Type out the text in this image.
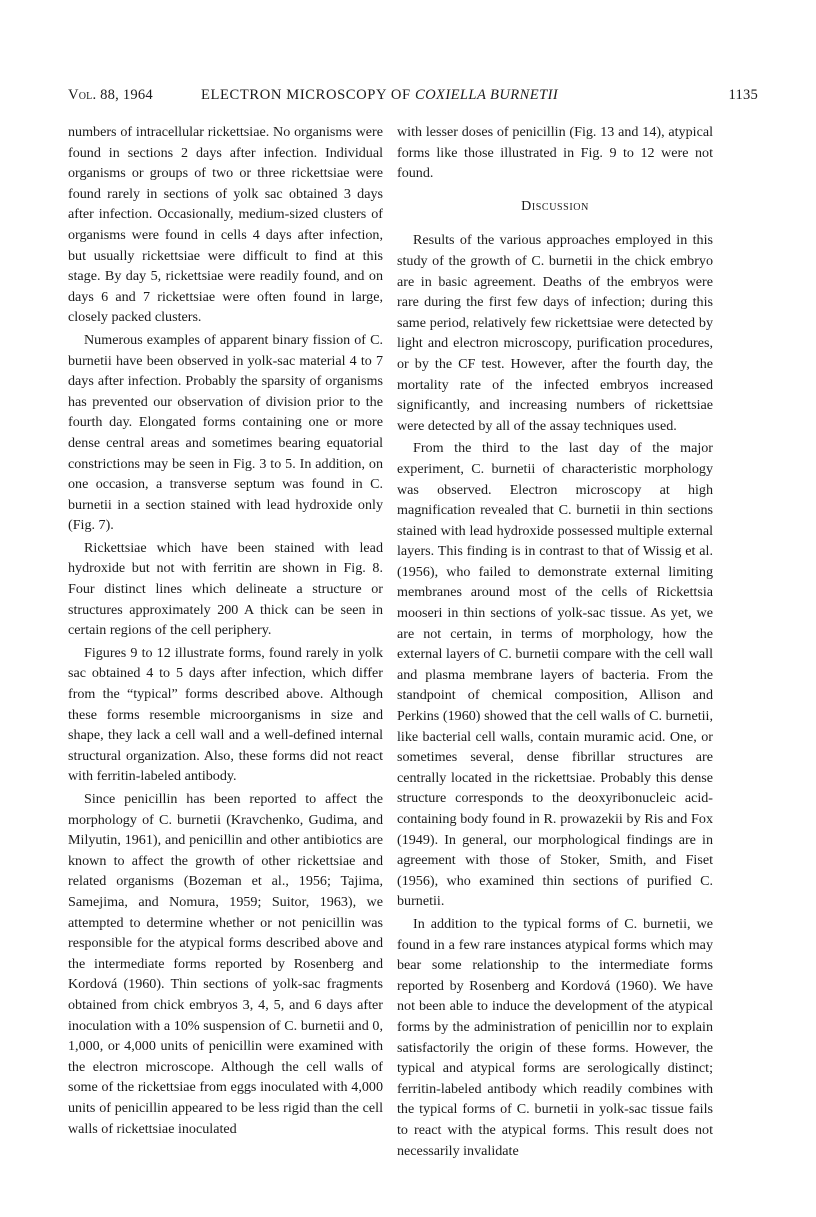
Vol. 88, 1964	ELECTRON MICROSCOPY OF COXIELLA BURNETII	1135

numbers of intracellular rickettsiae. No organisms were found in sections 2 days after infection. Individual organisms or groups of two or three rickettsiae were found rarely in sections of yolk sac obtained 3 days after infection. Occasionally, medium-sized clusters of organisms were found in cells 4 days after infection, but usually rickettsiae were difficult to find at this stage. By day 5, rickettsiae were readily found, and on days 6 and 7 rickettsiae were often found in large, closely packed clusters.

Numerous examples of apparent binary fission of C. burnetii have been observed in yolk-sac material 4 to 7 days after infection. Probably the sparsity of organisms has prevented our observation of division prior to the fourth day. Elongated forms containing one or more dense central areas and sometimes bearing equatorial constrictions may be seen in Fig. 3 to 5. In addition, on one occasion, a transverse septum was found in C. burnetii in a section stained with lead hydroxide only (Fig. 7).

Rickettsiae which have been stained with lead hydroxide but not with ferritin are shown in Fig. 8. Four distinct lines which delineate a structure or structures approximately 200 A thick can be seen in certain regions of the cell periphery.

Figures 9 to 12 illustrate forms, found rarely in yolk sac obtained 4 to 5 days after infection, which differ from the “typical” forms described above. Although these forms resemble microorganisms in size and shape, they lack a cell wall and a well-defined internal structural organization. Also, these forms did not react with ferritin-labeled antibody.

Since penicillin has been reported to affect the morphology of C. burnetii (Kravchenko, Gudima, and Milyutin, 1961), and penicillin and other antibiotics are known to affect the growth of other rickettsiae and related organisms (Bozeman et al., 1956; Tajima, Samejima, and Nomura, 1959; Suitor, 1963), we attempted to determine whether or not penicillin was responsible for the atypical forms described above and the intermediate forms reported by Rosenberg and Kordová (1960). Thin sections of yolk-sac fragments obtained from chick embryos 3, 4, 5, and 6 days after inoculation with a 10% suspension of C. burnetii and 0, 1,000, or 4,000 units of penicillin were examined with the electron microscope. Although the cell walls of some of the rickettsiae from eggs inoculated with 4,000 units of penicillin appeared to be less rigid than the cell walls of rickettsiae inoculated

with lesser doses of penicillin (Fig. 13 and 14), atypical forms like those illustrated in Fig. 9 to 12 were not found.

Discussion

Results of the various approaches employed in this study of the growth of C. burnetii in the chick embryo are in basic agreement. Deaths of the embryos were rare during the first few days of infection; during this same period, relatively few rickettsiae were detected by light and electron microscopy, purification procedures, or by the CF test. However, after the fourth day, the mortality rate of the infected embryos increased significantly, and increasing numbers of rickettsiae were detected by all of the assay techniques used.

From the third to the last day of the major experiment, C. burnetii of characteristic morphology was observed. Electron microscopy at high magnification revealed that C. burnetii in thin sections stained with lead hydroxide possessed multiple external layers. This finding is in contrast to that of Wissig et al. (1956), who failed to demonstrate external limiting membranes around most of the cells of Rickettsia mooseri in thin sections of yolk-sac tissue. As yet, we are not certain, in terms of morphology, how the external layers of C. burnetii compare with the cell wall and plasma membrane layers of bacteria. From the standpoint of chemical composition, Allison and Perkins (1960) showed that the cell walls of C. burnetii, like bacterial cell walls, contain muramic acid. One, or sometimes several, dense fibrillar structures are centrally located in the rickettsiae. Probably this dense structure corresponds to the deoxyribonucleic acid-containing body found in R. prowazekii by Ris and Fox (1949). In general, our morphological findings are in agreement with those of Stoker, Smith, and Fiset (1956), who examined thin sections of purified C. burnetii.

In addition to the typical forms of C. burnetii, we found in a few rare instances atypical forms which may bear some relationship to the intermediate forms reported by Rosenberg and Kordová (1960). We have not been able to induce the development of the atypical forms by the administration of penicillin nor to explain satisfactorily the origin of these forms. However, the typical and atypical forms are serologically distinct; ferritin-labeled antibody which readily combines with the typical forms of C. burnetii in yolk-sac tissue fails to react with the atypical forms. This result does not necessarily invalidate
